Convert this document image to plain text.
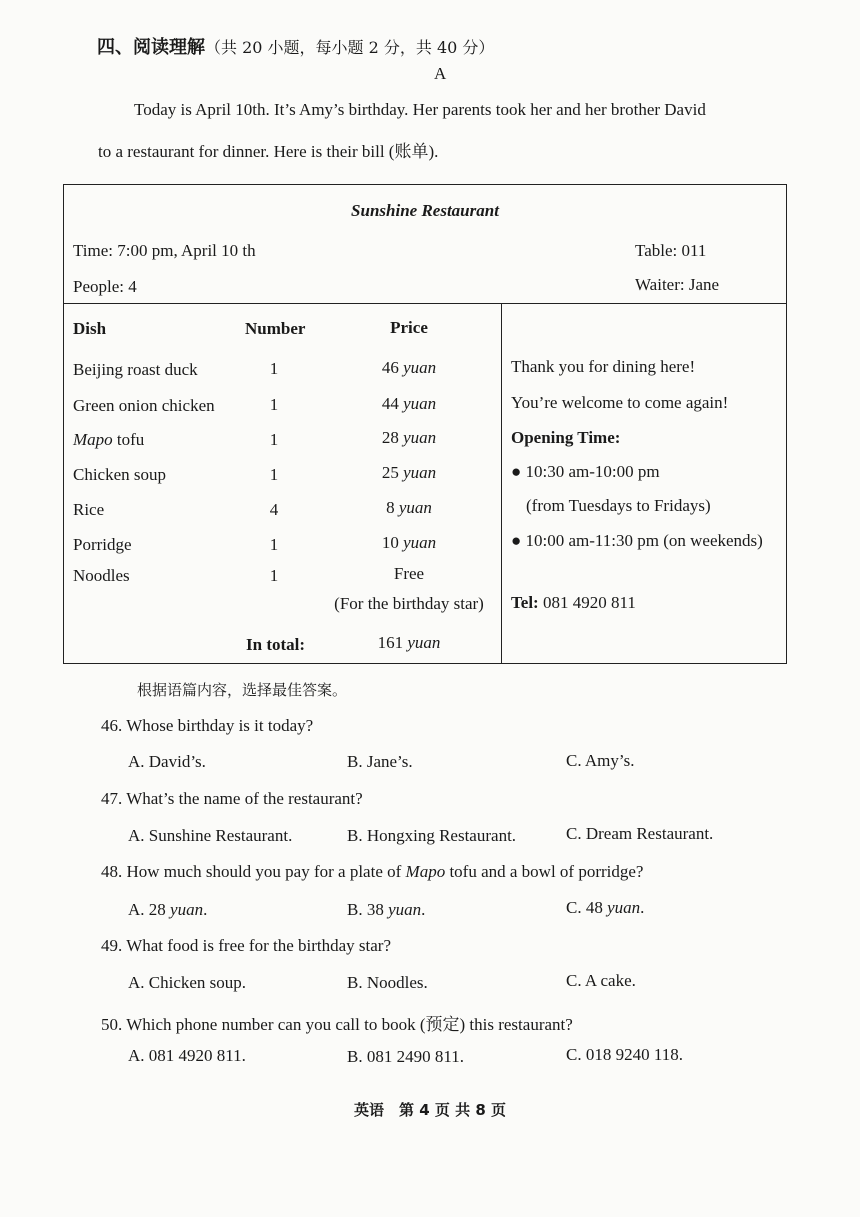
四、阅读理解（共 20 小题，每小题 2 分，共 40 分）
A
Today is April 10th. It’s Amy’s birthday. Her parents took her and her brother David
to a restaurant for dinner. Here is their bill (账单).
Sunshine Restaurant
Time: 7:00 pm, April 10 th	Table: 011
People: 4	Waiter: Jane
Dish	Number	Price
Beijing roast duck	1	46 yuan
Green onion chicken	1	44 yuan
Mapo tofu	1	28 yuan
Chicken soup	1	25 yuan
Rice	4	8 yuan
Porridge	1	10 yuan
Noodles	1	Free
(For the birthday star)
In total:	161 yuan
Thank you for dining here!
You’re welcome to come again!
Opening Time:
● 10:30 am-10:00 pm
(from Tuesdays to Fridays)
● 10:00 am-11:30 pm (on weekends)
Tel: 081 4920 811
根据语篇内容，选择最佳答案。
46. Whose birthday is it today?
A. David’s.	B. Jane’s.	C. Amy’s.
47. What’s the name of the restaurant?
A. Sunshine Restaurant.	B. Hongxing Restaurant.	C. Dream Restaurant.
48. How much should you pay for a plate of Mapo tofu and a bowl of porridge?
A. 28 yuan.	B. 38 yuan.	C. 48 yuan.
49. What food is free for the birthday star?
A. Chicken soup.	B. Noodles.	C. A cake.
50. Which phone number can you call to book (预定) this restaurant?
A. 081 4920 811.	B. 081 2490 811.	C. 018 9240 118.
英语　第 4 页 共 8 页
